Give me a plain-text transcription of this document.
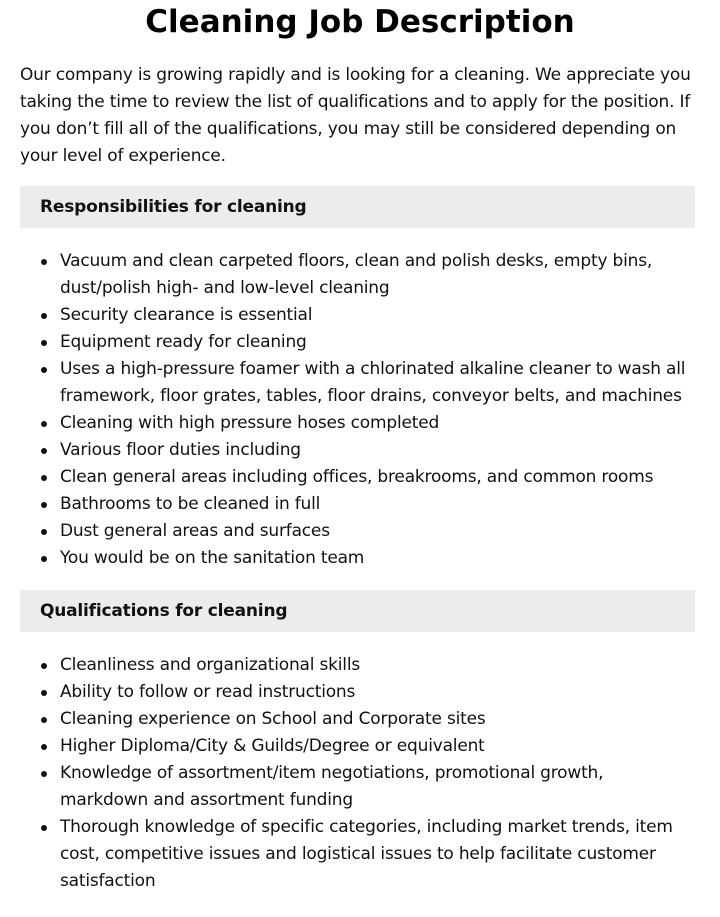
Cleaning Job Description

Our company is growing rapidly and is looking for a cleaning. We appreciate you taking the time to review the list of qualifications and to apply for the position. If you don’t fill all of the qualifications, you may still be considered depending on your level of experience.

Responsibilities for cleaning
Vacuum and clean carpeted floors, clean and polish desks, empty bins, dust/polish high- and low-level cleaning
Security clearance is essential
Equipment ready for cleaning
Uses a high-pressure foamer with a chlorinated alkaline cleaner to wash all framework, floor grates, tables, floor drains, conveyor belts, and machines
Cleaning with high pressure hoses completed
Various floor duties including
Clean general areas including offices, breakrooms, and common rooms
Bathrooms to be cleaned in full
Dust general areas and surfaces
You would be on the sanitation team
Qualifications for cleaning
Cleanliness and organizational skills
Ability to follow or read instructions
Cleaning experience on School and Corporate sites
Higher Diploma/City & Guilds/Degree or equivalent
Knowledge of assortment/item negotiations, promotional growth, markdown and assortment funding
Thorough knowledge of specific categories, including market trends, item cost, competitive issues and logistical issues to help facilitate customer satisfaction
